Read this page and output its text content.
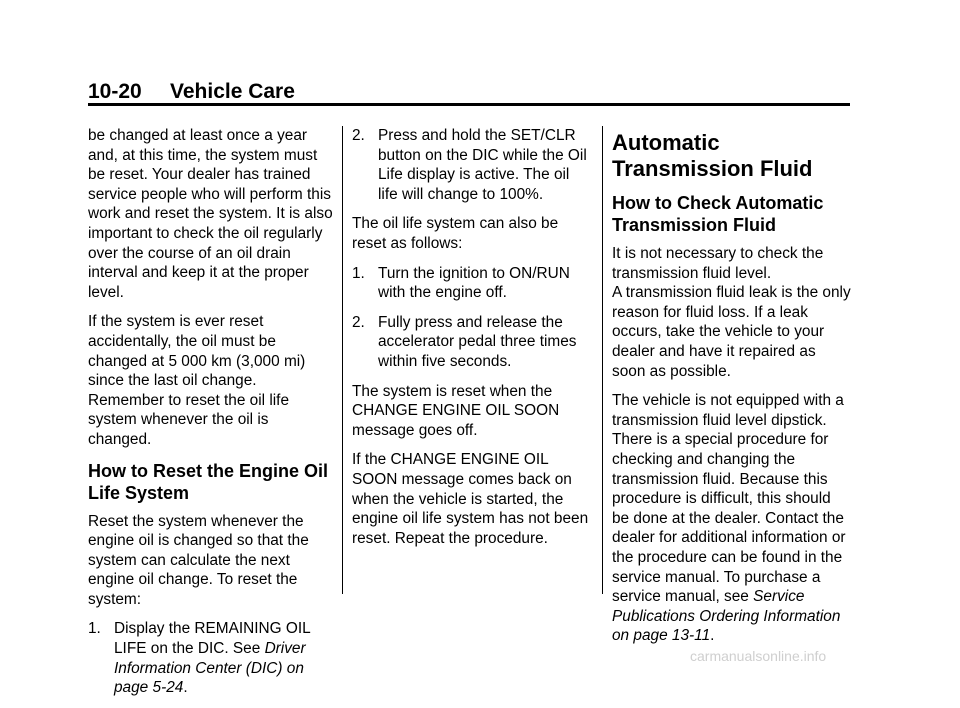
10-20 Vehicle Care

be changed at least once a year and, at this time, the system must be reset. Your dealer has trained service people who will perform this work and reset the system. It is also important to check the oil regularly over the course of an oil drain interval and keep it at the proper level.

If the system is ever reset accidentally, the oil must be changed at 5 000 km (3,000 mi) since the last oil change. Remember to reset the oil life system whenever the oil is changed.

How to Reset the Engine Oil Life System

Reset the system whenever the engine oil is changed so that the system can calculate the next engine oil change. To reset the system:

1. Display the REMAINING OIL LIFE on the DIC. See Driver Information Center (DIC) on page 5-24.

2. Press and hold the SET/CLR button on the DIC while the Oil Life display is active. The oil life will change to 100%.

The oil life system can also be reset as follows:

1. Turn the ignition to ON/RUN with the engine off.

2. Fully press and release the accelerator pedal three times within five seconds.

The system is reset when the CHANGE ENGINE OIL SOON message goes off.

If the CHANGE ENGINE OIL SOON message comes back on when the vehicle is started, the engine oil life system has not been reset. Repeat the procedure.

Automatic Transmission Fluid
How to Check Automatic Transmission Fluid

It is not necessary to check the transmission fluid level.

A transmission fluid leak is the only reason for fluid loss. If a leak occurs, take the vehicle to your dealer and have it repaired as soon as possible.

The vehicle is not equipped with a transmission fluid level dipstick. There is a special procedure for checking and changing the transmission fluid. Because this procedure is difficult, this should be done at the dealer. Contact the dealer for additional information or the procedure can be found in the service manual. To purchase a service manual, see Service Publications Ordering Information on page 13-11.

carmanualsonline.info
